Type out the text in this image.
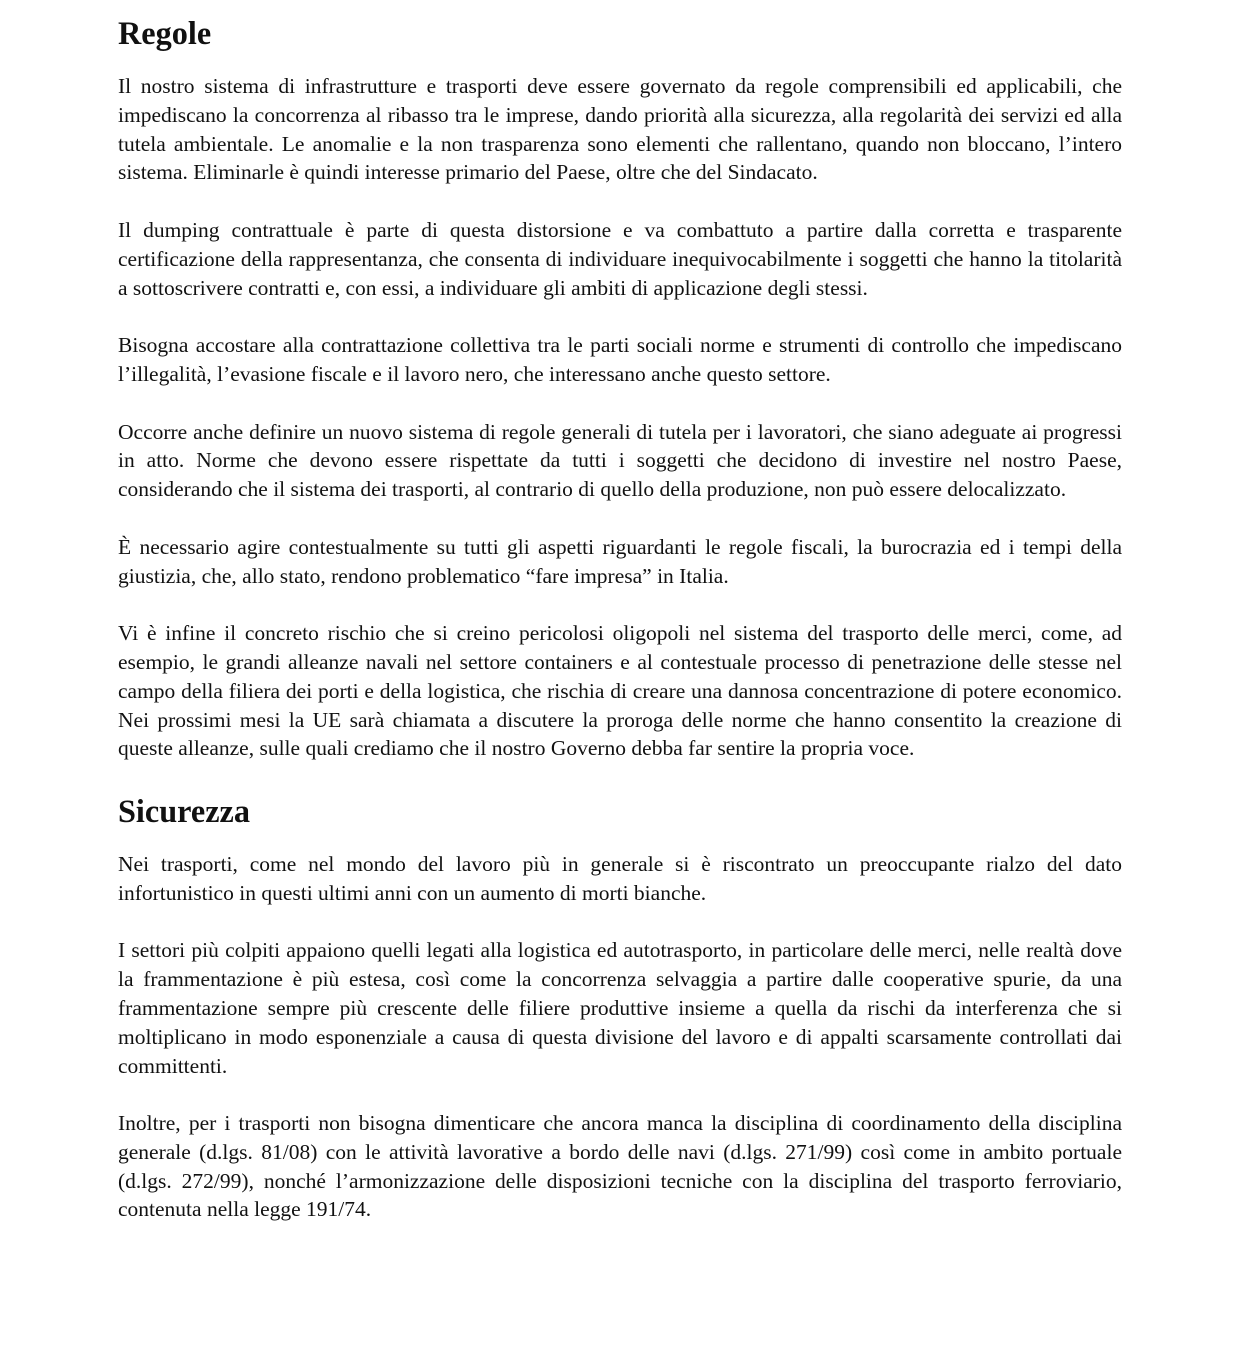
Regole

Il nostro sistema di infrastrutture e trasporti deve essere governato da regole comprensibili ed applicabili, che impediscano la concorrenza al ribasso tra le imprese, dando priorità alla sicurezza, alla regolarità dei servizi ed alla tutela ambientale. Le anomalie e la non trasparenza sono elementi che rallentano, quando non bloccano, l’intero sistema. Eliminarle è quindi interesse primario del Paese, oltre che del Sindacato.

Il dumping contrattuale è parte di questa distorsione e va combattuto a partire dalla corretta e trasparente certificazione della rappresentanza, che consenta di individuare inequivocabilmente i soggetti che hanno la titolarità a sottoscrivere contratti e, con essi, a individuare gli ambiti di applicazione degli stessi.

Bisogna accostare alla contrattazione collettiva tra le parti sociali norme e strumenti di controllo che impediscano l’illegalità, l’evasione fiscale e il lavoro nero, che interessano anche questo settore.

Occorre anche definire un nuovo sistema di regole generali di tutela per i lavoratori, che siano adeguate ai progressi in atto. Norme che devono essere rispettate da tutti i soggetti che decidono di investire nel nostro Paese, considerando che il sistema dei trasporti, al contrario di quello della produzione, non può essere delocalizzato.

È necessario agire contestualmente su tutti gli aspetti riguardanti le regole fiscali, la burocrazia ed i tempi della giustizia, che, allo stato, rendono problematico “fare impresa” in Italia.

Vi è infine il concreto rischio che si creino pericolosi oligopoli nel sistema del trasporto delle merci, come, ad esempio, le grandi alleanze navali nel settore containers e al contestuale processo di penetrazione delle stesse nel campo della filiera dei porti e della logistica, che rischia di creare una dannosa concentrazione di potere economico. Nei prossimi mesi la UE sarà chiamata a discutere la proroga delle norme che hanno consentito la creazione di queste alleanze, sulle quali crediamo che il nostro Governo debba far sentire la propria voce.

Sicurezza

Nei trasporti, come nel mondo del lavoro più in generale si è riscontrato un preoccupante rialzo del dato infortunistico in questi ultimi anni con un aumento di morti bianche.

I settori più colpiti appaiono quelli legati alla logistica ed autotrasporto, in particolare delle merci, nelle realtà dove la frammentazione è più estesa, così come la concorrenza selvaggia a partire dalle cooperative spurie, da una frammentazione sempre più crescente delle filiere produttive insieme a quella da rischi da interferenza che si moltiplicano in modo esponenziale a causa di questa divisione del lavoro e di appalti scarsamente controllati dai committenti.

Inoltre, per i trasporti non bisogna dimenticare che ancora manca la disciplina di coordinamento della disciplina generale (d.lgs. 81/08) con le attività lavorative a bordo delle navi (d.lgs. 271/99) così come in ambito portuale (d.lgs. 272/99), nonché l’armonizzazione delle disposizioni tecniche con la disciplina del trasporto ferroviario, contenuta nella legge 191/74.
